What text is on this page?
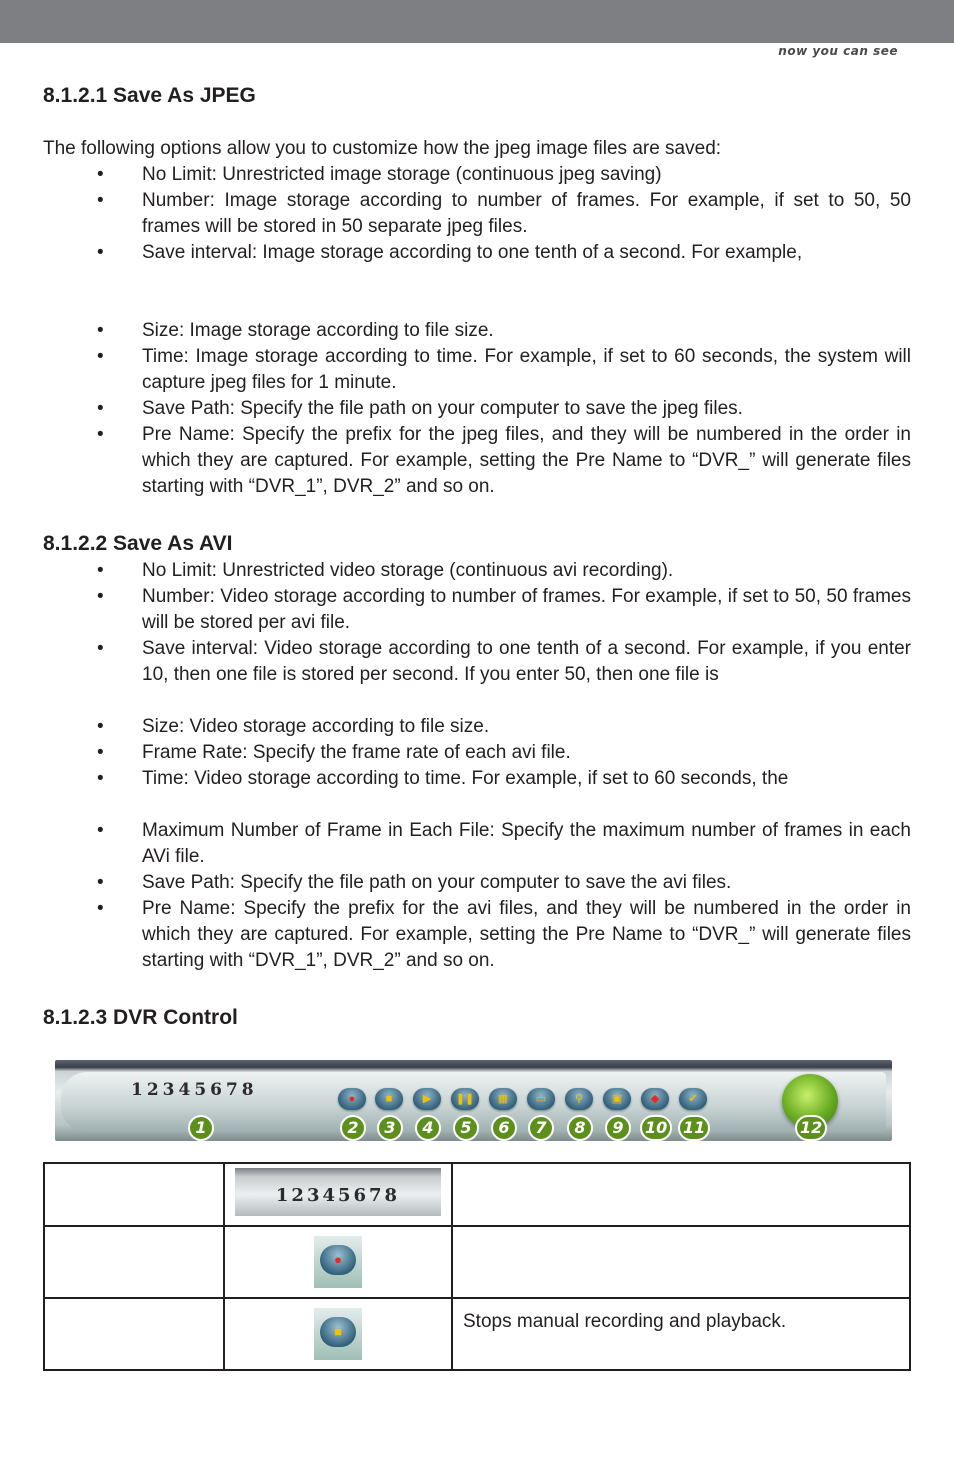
now you can see
8.1.2.1 Save As JPEG
The following options allow you to customize how the jpeg image files are saved:
• No Limit: Unrestricted image storage (continuous jpeg saving)
• Number: Image storage according to number of frames. For example, if set to 50, 50 frames will be stored in 50 separate jpeg files.
• Save interval: Image storage according to one tenth of a second. For example,
• Size: Image storage according to file size.
• Time: Image storage according to time. For example, if set to 60 seconds, the system will capture jpeg files for 1 minute.
• Save Path: Specify the file path on your computer to save the jpeg files.
• Pre Name: Specify the prefix for the jpeg files, and they will be numbered in the order in which they are captured. For example, setting the Pre Name to “DVR_” will generate files starting with “DVR_1”, DVR_2” and so on.
8.1.2.2 Save As AVI
• No Limit: Unrestricted video storage (continuous avi recording).
• Number: Video storage according to number of frames. For example, if set to 50, 50 frames will be stored per avi file.
• Save interval: Video storage according to one tenth of a second. For example, if you enter 10, then one file is stored per second. If you enter 50, then one file is
• Size: Video storage according to file size.
• Frame Rate: Specify the frame rate of each avi file.
• Time: Video storage according to time. For example, if set to 60 seconds, the
• Maximum Number of Frame in Each File: Specify the maximum number of frames in each AVi file.
• Save Path: Specify the file path on your computer to save the avi files.
• Pre Name: Specify the prefix for the avi files, and they will be numbered in the order in which they are captured. For example, setting the Pre Name to “DVR_” will generate files starting with “DVR_1”, DVR_2” and so on.
8.1.2.3 DVR Control
12345678	●	■	▶	❚❚	▦	▭	⚲	▣	◆	✔
1	2	3	4	5	6	7	8	9	10 11	12
	12345678	

	●	

	■	Stops manual recording and playback.
